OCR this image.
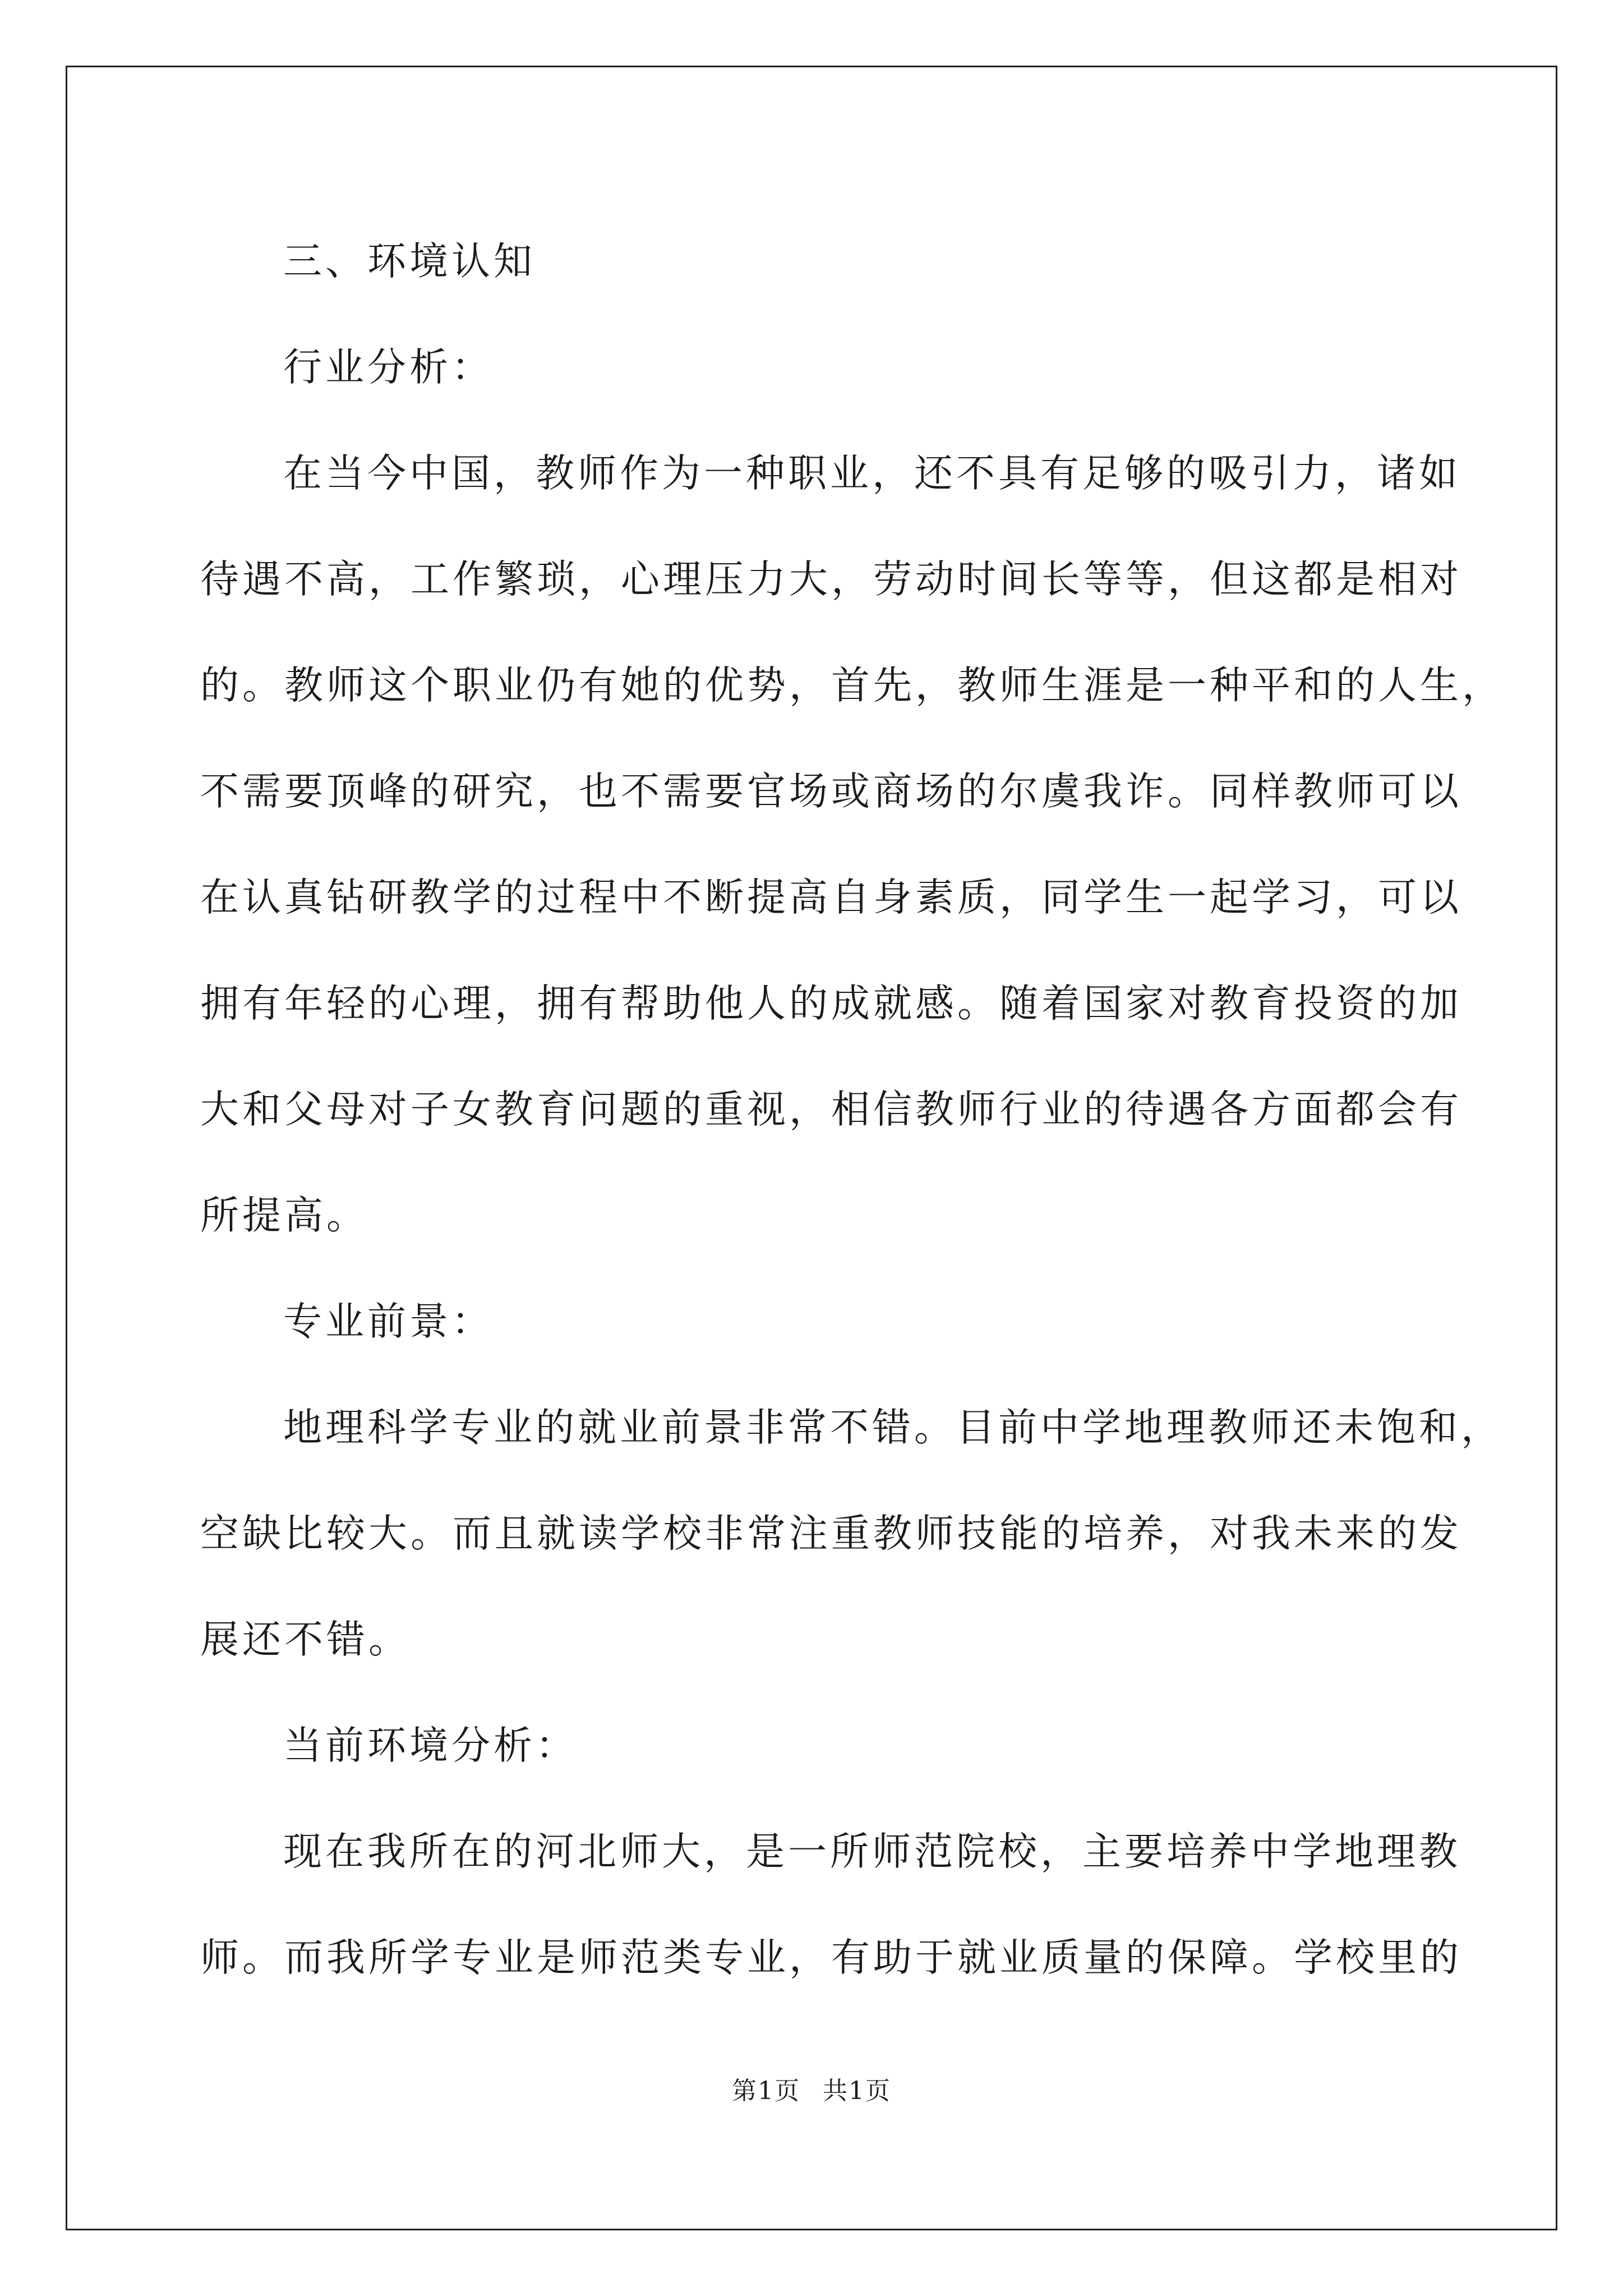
三、环境认知

行业分析：

在当今中国，教师作为一种职业，还不具有足够的吸引力，诸如

待遇不高，工作繁琐，心理压力大，劳动时间长等等，但这都是相对

的。教师这个职业仍有她的优势，首先，教师生涯是一种平和的人生，

不需要顶峰的研究，也不需要官场或商场的尔虞我诈。同样教师可以

在认真钻研教学的过程中不断提高自身素质，同学生一起学习，可以

拥有年轻的心理，拥有帮助他人的成就感。随着国家对教育投资的加

大和父母对子女教育问题的重视，相信教师行业的待遇各方面都会有

所提高。

专业前景：

地理科学专业的就业前景非常不错。目前中学地理教师还未饱和，

空缺比较大。而且就读学校非常注重教师技能的培养，对我未来的发

展还不错。

当前环境分析：

现在我所在的河北师大，是一所师范院校，主要培养中学地理教

师。而我所学专业是师范类专业，有助于就业质量的保障。学校里的

第1页 共1页
